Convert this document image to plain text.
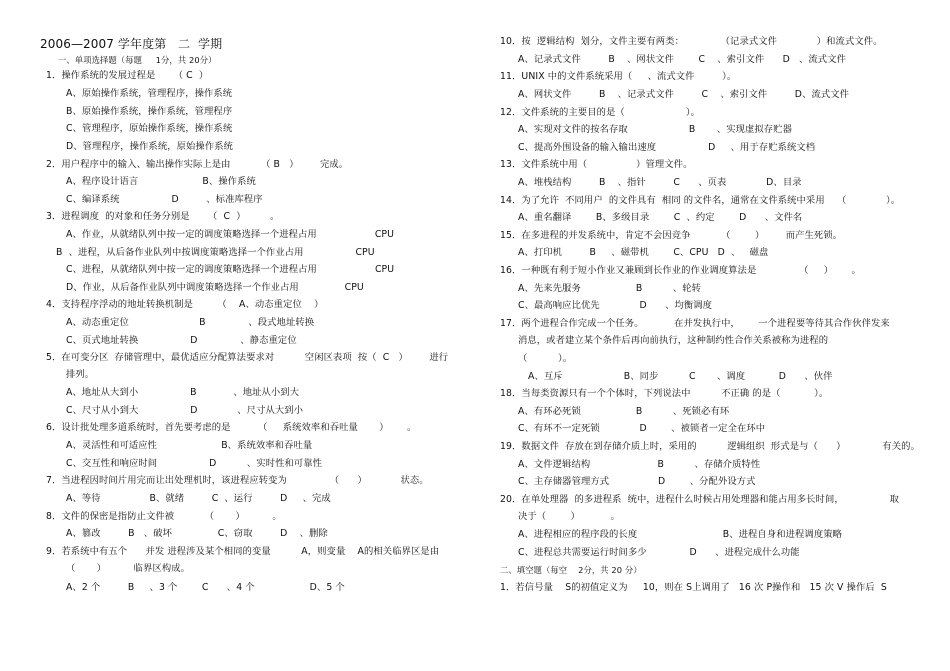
2006—2007 学年度第   二  学期
一、单项选择题（每题     1分，共 20分）
1．操作系统的发展过程是      （ C  ）
A、原始操作系统，管理程序，操作系统
B、原始操作系统，操作系统，管理程序
C、管理程序，原始操作系统，操作系统
D、管理程序，操作系统，原始操作系统
2．用户程序中的输入、输出操作实际上是由          （ B   ）       完成。
A、程序设计语言                     B、操作系统
C、编译系统                 D         、标准库程序
3．进程调度  的对象和任务分别是      （  C  ）        。
A、作业，从就绪队列中按一定的调度策略选择一个进程占用                   CPU
B  、进程，从后备作业队列中按调度策略选择一个作业占用                 CPU
C、进程，从就绪队列中按一定的调度策略选择一个进程占用                   CPU
D、作业，从后备作业队列中调度策略选择一个作业占用               CPU
4．支持程序浮动的地址转换机制是        （    A、动态重定位    ）
A、动态重定位                       B              、段式地址转换
C、页式地址转换                 D              、静态重定位
5．在可变分区  存储管理中，最优适应分配算法要求对          空闲区表项  按（  C   ）       进行
排列。
A、地址从大到小                 B            、地址从小到大
C、尺寸从小到大                 D             、尺寸从大到小
6．设计批处理多道系统时，首先要考虑的是         （     系统效率和吞吐量       ）      。
A、灵活性和可适应性                     B、系统效率和吞吐量
C、交互性和响应时间                 D          、实时性和可靠性
7．当进程因时间片用完而让出处理机时，该进程应转变为              （      ）           状态。
A、等待                B、就绪         C  、运行         D     、完成
8．文件的保密是指防止文件被          （       ）         。
A、篡改         B   、破坏               C、窃取         D    、删除
9．若系统中有五个      并发 进程涉及某个相同的变量          A，则变量    A的相关临界区是由
（       ）         临界区构成。
A、2 个         B     、3 个        C      、4 个                  D、5 个
10．按  逻辑结构  划分，文件主要有两类：            （记录式文件             ）和流式文件。
A、记录式文件         B    、网状文件        C    、索引文件      D   、流式文件
11．UNIX 中的文件系统采用（     、流式文件         ）。
A、网状文件         B    、记录式文件         C    、索引文件         D、流式文件
12．文件系统的主要目的是（                    ）。
A、实现对文件的按名存取                    B       、实现虚拟存贮器
C、提高外围设备的输入输出速度                 D     、用于存贮系统文档
13．文件系统中用（                ）管理文件。
A、堆栈结构         B    、指针         C      、页表             D、目录
14．为了允许  不同用户  的文件具有  相同 的文件名，通常在文件系统中采用    （             ）。
A、重名翻译        B、多级目录        C  、约定        D      、文件名
15．在多进程的并发系统中，肯定不会因竞争          （        ）       而产生死锁。
A、打印机         B     、磁带机        C、CPU   D  、   磁盘
16．一种既有利于短小作业又兼顾到长作业的作业调度算法是              （     ）      。
A、先来先服务                  B          、轮转
C、最高响应比优先             D      、均衡调度
17．两个进程合作完成一个任务。          在并发执行中，      一个进程要等待其合作伙伴发来
消息，或者建立某个条件后再向前执行，这种制约性合作关系被称为进程的
（          ）。
A、互斥                    B、同步          C       、调度           D      、伙伴
18．当每类资源只有一个个体时，下列说法中          不正确 的是（           ）。
A、有环必死锁                  B          、死锁必有环
C、有环不一定死锁             D        、被锁者一定全在环中
19．数据文件  存放在到存储介质上时，采用的          逻辑组织  形式是与（      ）            有关的。
A、文件逻辑结构                      B          、存储介质特性
C、主存储器管理方式                D        、分配外设方式
20．在单处理器  的多进程系  统中，进程什么时候占用处理器和能占用多长时间，               取
决于（        ）          。
A、进程相应的程序段的长度                            B、进程自身和进程调度策略
C、进程总共需要运行时间多少              D      、进程完成什么功能
二、填空题（每空    2分，共 20 分）
1．若信号量    S的初值定义为     10，则在 S上调用了   16 次 P操作和   15 次 V 操作后  S
